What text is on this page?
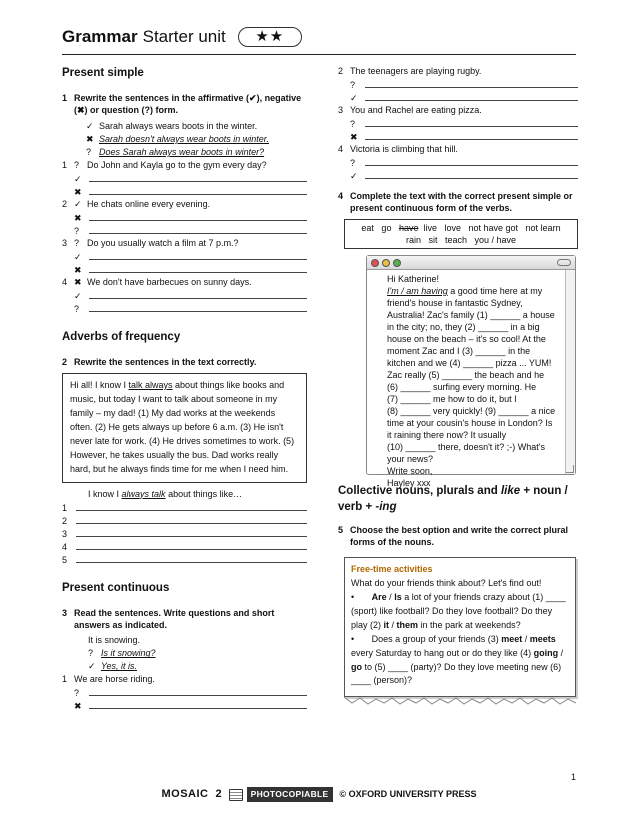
Grammar Starter unit	★★
Present simple
1 Rewrite the sentences in the affirmative (✔), negative (✖) or question (?) form.
✓ Sarah always wears boots in the winter.
✖ Sarah doesn't always wear boots in winter.
? Does Sarah always wear boots in winter?
1 ? Do John and Kayla go to the gym every day?
✓
✖
2 ✓ He chats online every evening.
✖
?
3 ? Do you usually watch a film at 7 p.m.?
✓
✖
4 ✖ We don't have barbecues on sunny days.
✓
?
Adverbs of frequency
2 Rewrite the sentences in the text correctly.
Hi all! I know I talk always about things like books and music, but today I want to talk about someone in my family – my dad! (1) My dad works at the weekends often. (2) He gets always up before 6 a.m. (3) He isn't never late for work. (4) He drives sometimes to work. (5) However, he takes usually the bus. Dad works really hard, but he always finds time for me when I need him.
I know I
always talk
about things like…
1
2
3
4
5
Present continuous
3 Read the sentences. Write questions and short answers as indicated.
It is snowing.
? Is it snowing?
✓ Yes, it is.
1 We are horse riding.
?
✖
2 The teenagers are playing rugby.
?
✓
3 You and Rachel are eating pizza.
?
✖
4 Victoria is climbing that hill.
?
✓
4 Complete the text with the correct present simple or present continuous form of the verbs.
eat   go   have  live   love   not have got   not learn
rain   sit   teach   you / have
Hi Katherine!
I'm / am having a good time here at my
friend's house in fantastic Sydney,
Australia! Zac's family (1) ______ a house
in the city; no, they (2) ______ in a big
house on the beach – it's so cool! At the
moment Zac and I (3) ______ in the
kitchen and we (4) ______ pizza ... YUM!
Zac really (5) ______ the beach and he
(6) ______ surfing every morning. He
(7) ______ me how to do it, but I
(8) ______ very quickly! (9) ______ a nice
time at your cousin's house in London? Is
it raining there now? It usually
(10) ______ there, doesn't it? ;-) What's
your news?
Write soon,
Hayley xxx
Collective nouns, plurals and like + noun / verb + -ing
5 Choose the best option and write the correct plural forms of the nouns.
Free-time activities
What do your friends think about? Let's find out!
•       Are / Is a lot of your friends crazy about (1) ____ (sport) like football? Do they love football? Do they play (2) it / them in the park at weekends?
•       Does a group of your friends (3) meet / meets every Saturday to hang out or do they like (4) going / go to (5) ____ (party)? Do they love meeting new (6) ____ (person)?
1
MOSAIC 2	PHOTOCOPIABLE	© OXFORD UNIVERSITY PRESS
